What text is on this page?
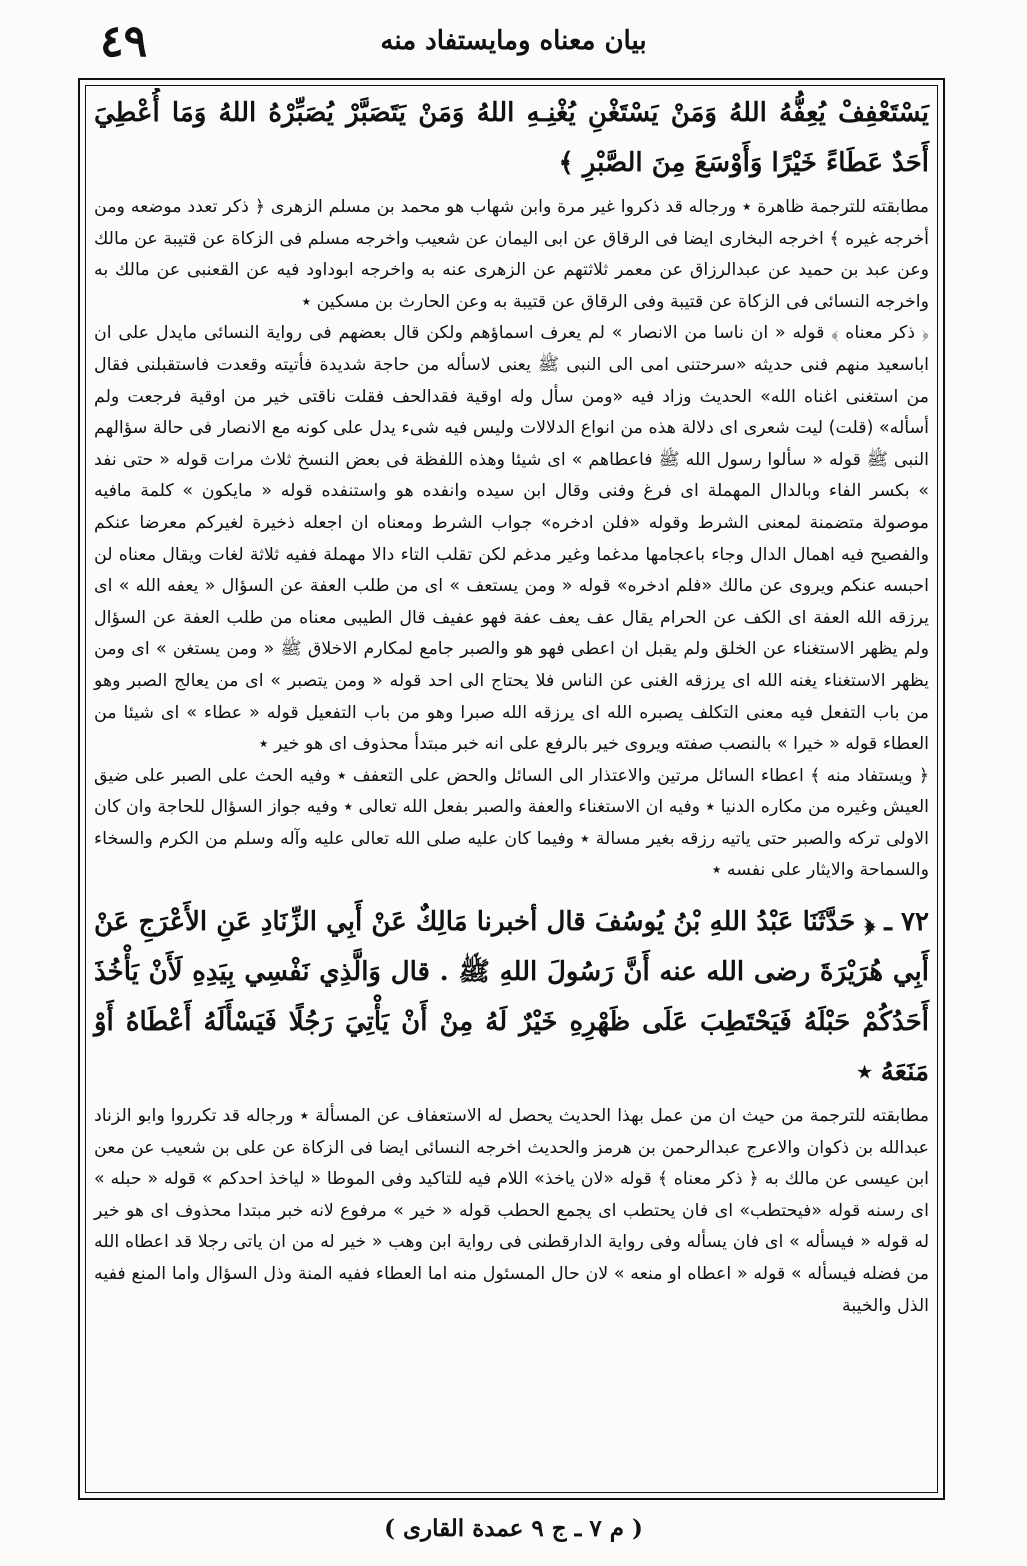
٤٩	بیان معناه ومایستفاد منه

يَسْتَعْفِفْ يُعِفُّهُ اللهُ وَمَنْ يَسْتَغْنِ يُغْنِـهِ اللهُ وَمَنْ يَتَصَبَّرْ يُصَبِّرْهُ اللهُ وَمَا أُعْطِيَ أَحَدٌ عَطَاءً خَيْرًا وَأَوْسَعَ مِنَ الصَّبْرِ ﴾

مطابقته للترجمة ظاهرة ٭ ورجاله قد ذكروا غير مرة وابن شهاب هو محمد بن مسلم الزهری ﴿ ذكر تعدد موضعه ومن أخرجه غيره ﴾ اخرجه البخاری ايضا فی الرقاق عن ابی اليمان عن شعيب واخرجه مسلم فی الزكاة عن قتيبة عن مالك وعن عبد بن حميد عن عبدالرزاق عن معمر ثلاثتهم عن الزهری عنه به واخرجه ابوداود فيه عن القعنبی عن مالك به واخرجه النسائی فی الزكاة عن قتيبة وفی الرقاق عن قتيبة به وعن الحارث بن مسكين ٭

﴿ ذكر معناه ﴾ قوله « ان ناسا من الانصار » لم يعرف اسماؤهم ولكن قال بعضهم فی رواية النسائی مايدل علی ان اباسعيد منهم فنی حديثه «سرحتنی امی الی النبی ﷺ يعنی لاسأله من حاجة شديدة فأتيته وقعدت فاستقبلنی فقال من استغنی اغناه الله» الحديث وزاد فيه «ومن سأل وله اوقية فقدالحف فقلت ناقتی خير من اوقية فرجعت ولم أسأله» (قلت) ليت شعری ای دلالة هذه من انواع الدلالات وليس فيه شیء يدل علی كونه مع الانصار فی حالة سؤالهم النبی ﷺ قوله « سألوا رسول الله ﷺ فاعطاهم » ای شيئا وهذه اللفظة فی بعض النسخ ثلاث مرات قوله « حتی نفد » بكسر الفاء وبالدال المهملة ای فرغ وفنی وقال ابن سيده وانفده هو واستنفده قوله « مايكون » كلمة مافيه موصولة متضمنة لمعنی الشرط وقوله «فلن ادخره» جواب الشرط ومعناه ان اجعله ذخيرة لغيركم معرضا عنكم والفصيح فيه اهمال الدال وجاء باعجامها مدغما وغير مدغم لكن تقلب التاء دالا مهملة ففيه ثلاثة لغات ويقال معناه لن احبسه عنكم ويروی عن مالك «فلم ادخره» قوله « ومن يستعف » ای من طلب العفة عن السؤال « يعفه الله » ای يرزقه الله العفة ای الكف عن الحرام يقال عف يعف عفة فهو عفيف قال الطيبی معناه من طلب العفة عن السؤال ولم يظهر الاستغناء عن الخلق ولم يقبل ان اعطی فهو هو والصبر جامع لمكارم الاخلاق ﷺ « ومن يستغن » ای ومن يظهر الاستغناء يغنه الله ای يرزقه الغنی عن الناس فلا يحتاج الی احد قوله « ومن يتصبر » ای من يعالج الصبر وهو من باب التفعل فيه معنی التكلف يصبره الله ای يرزقه الله صبرا وهو من باب التفعيل قوله « عطاء » ای شيئا من العطاء قوله « خيرا » بالنصب صفته ويروی خير بالرفع علی انه خبر مبتدأ محذوف ای هو خير ٭

﴿ ويستفاد منه ﴾ اعطاء السائل مرتين والاعتذار الی السائل والحض علی التعفف ٭ وفيه الحث علی الصبر علی ضيق العيش وغيره من مكاره الدنيا ٭ وفيه ان الاستغناء والعفة والصبر بفعل الله تعالی ٭ وفيه جواز السؤال للحاجة وان كان الاولی تركه والصبر حتی ياتيه رزقه بغير مسالة ٭ وفيما كان عليه صلی الله تعالی عليه وآله وسلم من الكرم والسخاء والسماحة والايثار علی نفسه ٭

٧٢ ـ ﴿ حَدَّثَنَا عَبْدُ اللهِ بْنُ يُوسُفَ قال أخبرنا مَالِكٌ عَنْ أَبِي الزِّنَادِ عَنِ الأَعْرَجِ عَنْ أَبِي هُرَيْرَةَ رضی الله عنه أَنَّ رَسُولَ اللهِ ﷺ . قال وَالَّذِي نَفْسِي بِيَدِهِ لَأَنْ يَأْخُذَ أَحَدُكُمْ حَبْلَهُ فَيَحْتَطِبَ عَلَى ظَهْرِهِ خَيْرٌ لَهُ مِنْ أَنْ يَأْتِيَ رَجُلًا فَيَسْأَلَهُ أَعْطَاهُ أَوْ مَنَعَهُ ٭

مطابقته للترجمة من حيث ان من عمل بهذا الحديث يحصل له الاستعفاف عن المسألة ٭ ورجاله قد تكرروا وابو الزناد عبدالله بن ذكوان والاعرج عبدالرحمن بن هرمز والحديث اخرجه النسائی ايضا فی الزكاة عن علی بن شعيب عن معن ابن عيسی عن مالك به ﴿ ذكر معناه ﴾ قوله «لان ياخذ» اللام فيه للتاكيد وفی الموطا « لياخذ احدكم » قوله « حبله » ای رسنه قوله «فيحتطب» ای فان يحتطب ای يجمع الحطب قوله « خير » مرفوع لانه خبر مبتدا محذوف ای هو خير له قوله « فيسأله » ای فان يسأله وفی رواية الدارقطنی فی رواية ابن وهب « خير له من ان ياتی رجلا قد اعطاه الله من فضله فيسأله » قوله « اعطاه او منعه » لان حال المسئول منه اما العطاء ففيه المنة وذل السؤال واما المنع ففيه الذل والخيبة

( م ٧ ـ ج ٩ عمدة القاری )
